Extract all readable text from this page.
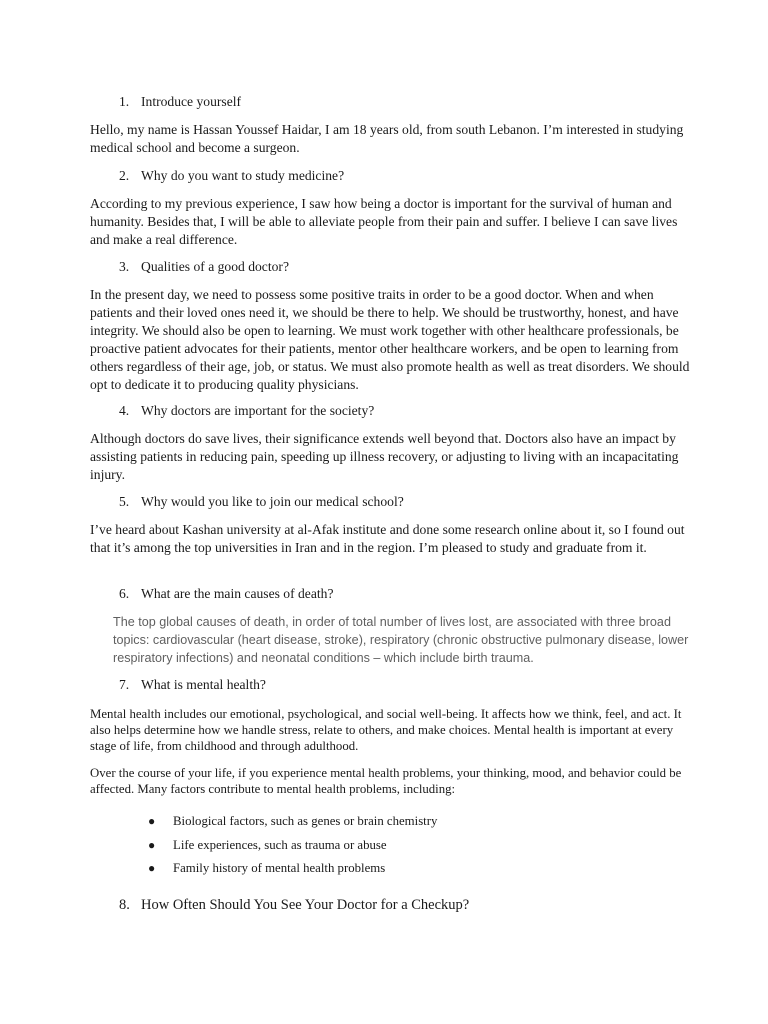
1. Introduce yourself

Hello, my name is Hassan Youssef Haidar, I am 18 years old, from south Lebanon. I’m interested in studying medical school and become a surgeon.

2. Why do you want to study medicine?

According to my previous experience, I saw how being a doctor is important for the survival of human and humanity. Besides that, I will be able to alleviate people from their pain and suffer. I believe I can save lives and make a real difference.

3. Qualities of a good doctor?

In the present day, we need to possess some positive traits in order to be a good doctor. When and when patients and their loved ones need it, we should be there to help. We should be trustworthy, honest, and have integrity. We should also be open to learning. We must work together with other healthcare professionals, be proactive patient advocates for their patients, mentor other healthcare workers, and be open to learning from others regardless of their age, job, or status. We must also promote health as well as treat disorders. We should opt to dedicate it to producing quality physicians.

4. Why doctors are important for the society?

Although doctors do save lives, their significance extends well beyond that. Doctors also have an impact by assisting patients in reducing pain, speeding up illness recovery, or adjusting to living with an incapacitating injury.

5. Why would you like to join our medical school?

I’ve heard about Kashan university at al-Afak institute and done some research online about it, so I found out that it’s among the top universities in Iran and in the region. I’m pleased to study and graduate from it.

6. What are the main causes of death?

The top global causes of death, in order of total number of lives lost, are associated with three broad topics: cardiovascular (heart disease, stroke), respiratory (chronic obstructive pulmonary disease, lower respiratory infections) and neonatal conditions – which include birth trauma.

7. What is mental health?

Mental health includes our emotional, psychological, and social well-being. It affects how we think, feel, and act. It also helps determine how we handle stress, relate to others, and make choices. Mental health is important at every stage of life, from childhood and through adulthood.

Over the course of your life, if you experience mental health problems, your thinking, mood, and behavior could be affected. Many factors contribute to mental health problems, including:

● Biological factors, such as genes or brain chemistry
● Life experiences, such as trauma or abuse
● Family history of mental health problems
8. How Often Should You See Your Doctor for a Checkup?
